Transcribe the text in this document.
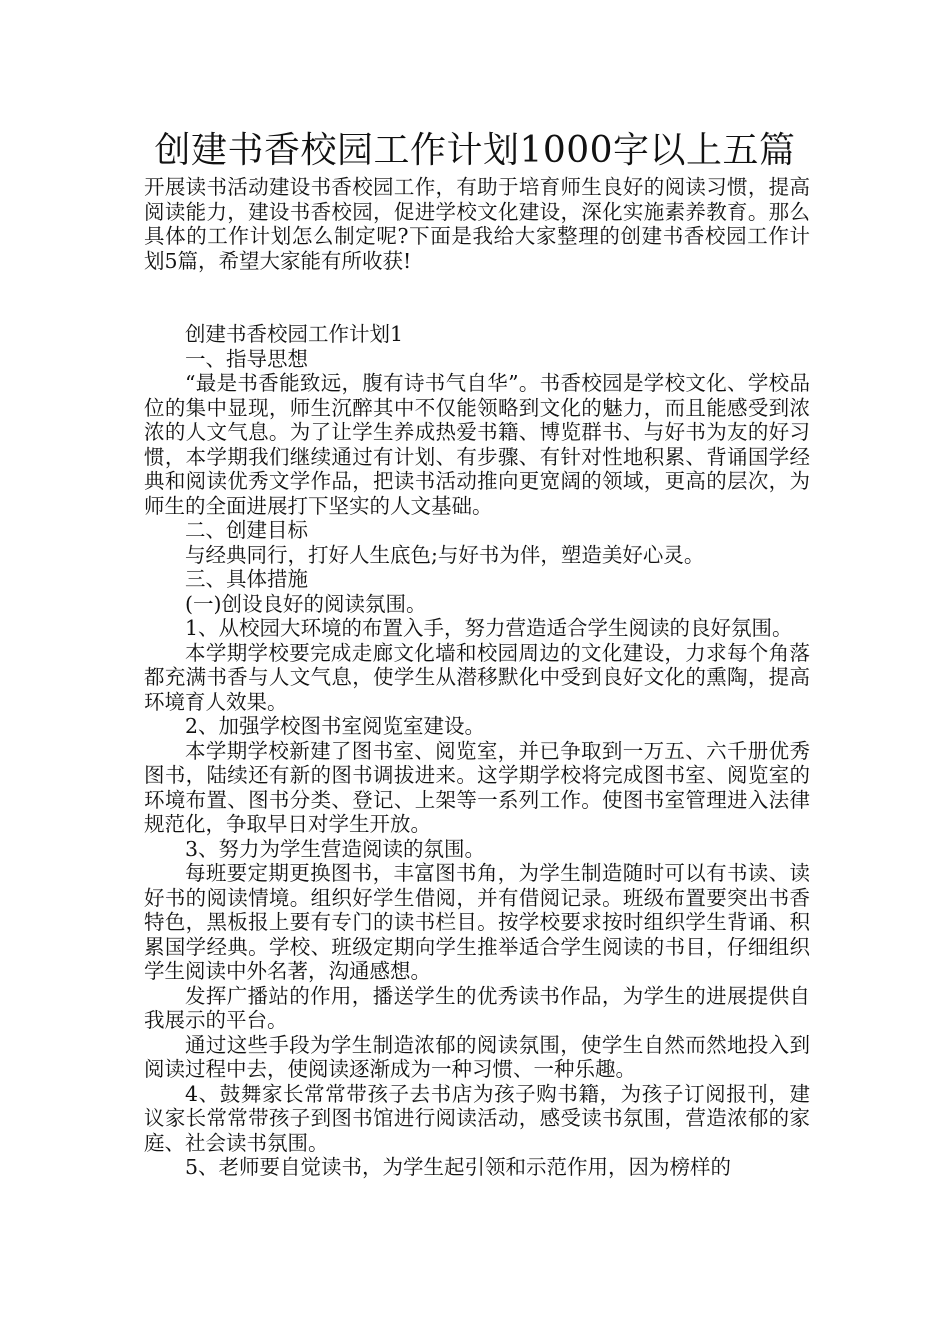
创建书香校园工作计划1000字以上五篇

开展读书活动建设书香校园工作，有助于培育师生良好的阅读习惯，提高阅读能力，建设书香校园，促进学校文化建设，深化实施素养教育。那么具体的工作计划怎么制定呢?下面是我给大家整理的创建书香校园工作计划5篇，希望大家能有所收获!

创建书香校园工作计划1

一、指导思想

“最是书香能致远，腹有诗书气自华”。书香校园是学校文化、学校品位的集中显现，师生沉醉其中不仅能领略到文化的魅力，而且能感受到浓浓的人文气息。为了让学生养成热爱书籍、博览群书、与好书为友的好习惯，本学期我们继续通过有计划、有步骤、有针对性地积累、背诵国学经典和阅读优秀文学作品，把读书活动推向更宽阔的领域，更高的层次，为师生的全面进展打下坚实的人文基础。

二、创建目标

与经典同行，打好人生底色;与好书为伴，塑造美好心灵。

三、具体措施

(一)创设良好的阅读氛围。

1、从校园大环境的布置入手，努力营造适合学生阅读的良好氛围。

本学期学校要完成走廊文化墙和校园周边的文化建设，力求每个角落都充满书香与人文气息，使学生从潜移默化中受到良好文化的熏陶，提高环境育人效果。

2、加强学校图书室阅览室建设。

本学期学校新建了图书室、阅览室，并已争取到一万五、六千册优秀图书，陆续还有新的图书调拔进来。这学期学校将完成图书室、阅览室的环境布置、图书分类、登记、上架等一系列工作。使图书室管理进入法律规范化，争取早日对学生开放。

3、努力为学生营造阅读的氛围。

每班要定期更换图书，丰富图书角，为学生制造随时可以有书读、读好书的阅读情境。组织好学生借阅，并有借阅记录。班级布置要突出书香特色，黑板报上要有专门的读书栏目。按学校要求按时组织学生背诵、积累国学经典。学校、班级定期向学生推举适合学生阅读的书目，仔细组织学生阅读中外名著，沟通感想。

发挥广播站的作用，播送学生的优秀读书作品，为学生的进展提供自我展示的平台。

通过这些手段为学生制造浓郁的阅读氛围，使学生自然而然地投入到阅读过程中去，使阅读逐渐成为一种习惯、一种乐趣。

4、鼓舞家长常常带孩子去书店为孩子购书籍，为孩子订阅报刊，建议家长常常带孩子到图书馆进行阅读活动，感受读书氛围，营造浓郁的家庭、社会读书氛围。

5、老师要自觉读书，为学生起引领和示范作用，因为榜样的
